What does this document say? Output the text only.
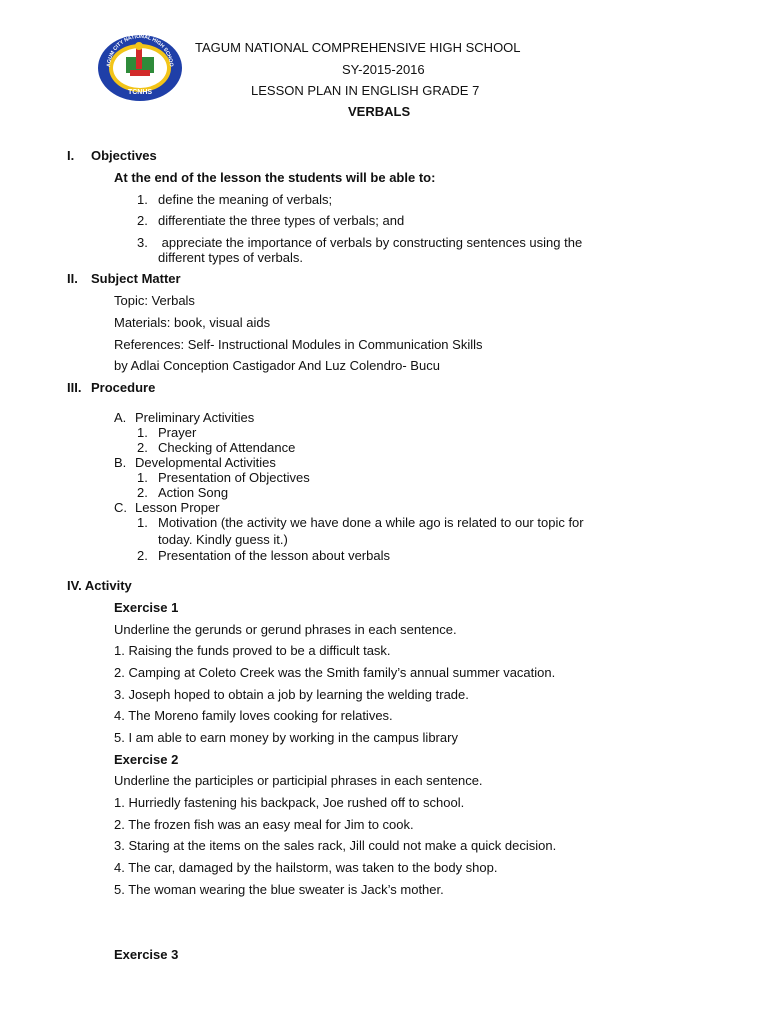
AGUM CITY NATIONAL HIGH SCHOO
TCNHS
TAGUM NATIONAL COMPREHENSIVE HIGH SCHOOL
SY-2015-2016
LESSON PLAN IN ENGLISH GRADE 7
VERBALS
I. Objectives
At the end of the lesson the students will be able to:
1. define the meaning of verbals;
2. differentiate the three types of verbals; and
3. appreciate the importance of verbals by constructing sentences using the
different types of verbals.
II. Subject Matter
Topic: Verbals
Materials: book, visual aids
References: Self- Instructional Modules in Communication Skills
by Adlai Conception Castigador And Luz Colendro- Bucu
III. Procedure
A. Preliminary Activities
1. Prayer
2. Checking of Attendance
B. Developmental Activities
1. Presentation of Objectives
2. Action Song
C. Lesson Proper
1. Motivation (the activity we have done a while ago is related to our topic for
today. Kindly guess it.)
2. Presentation of the lesson about verbals
IV. Activity
Exercise 1
Underline the gerunds or gerund phrases in each sentence.
1. Raising the funds proved to be a difficult task.
2. Camping at Coleto Creek was the Smith family’s annual summer vacation.
3. Joseph hoped to obtain a job by learning the welding trade.
4. The Moreno family loves cooking for relatives.
5. I am able to earn money by working in the campus library
Exercise 2
Underline the participles or participial phrases in each sentence.
1. Hurriedly fastening his backpack, Joe rushed off to school.
2. The frozen fish was an easy meal for Jim to cook.
3. Staring at the items on the sales rack, Jill could not make a quick decision.
4. The car, damaged by the hailstorm, was taken to the body shop.
5. The woman wearing the blue sweater is Jack’s mother.
Exercise 3
